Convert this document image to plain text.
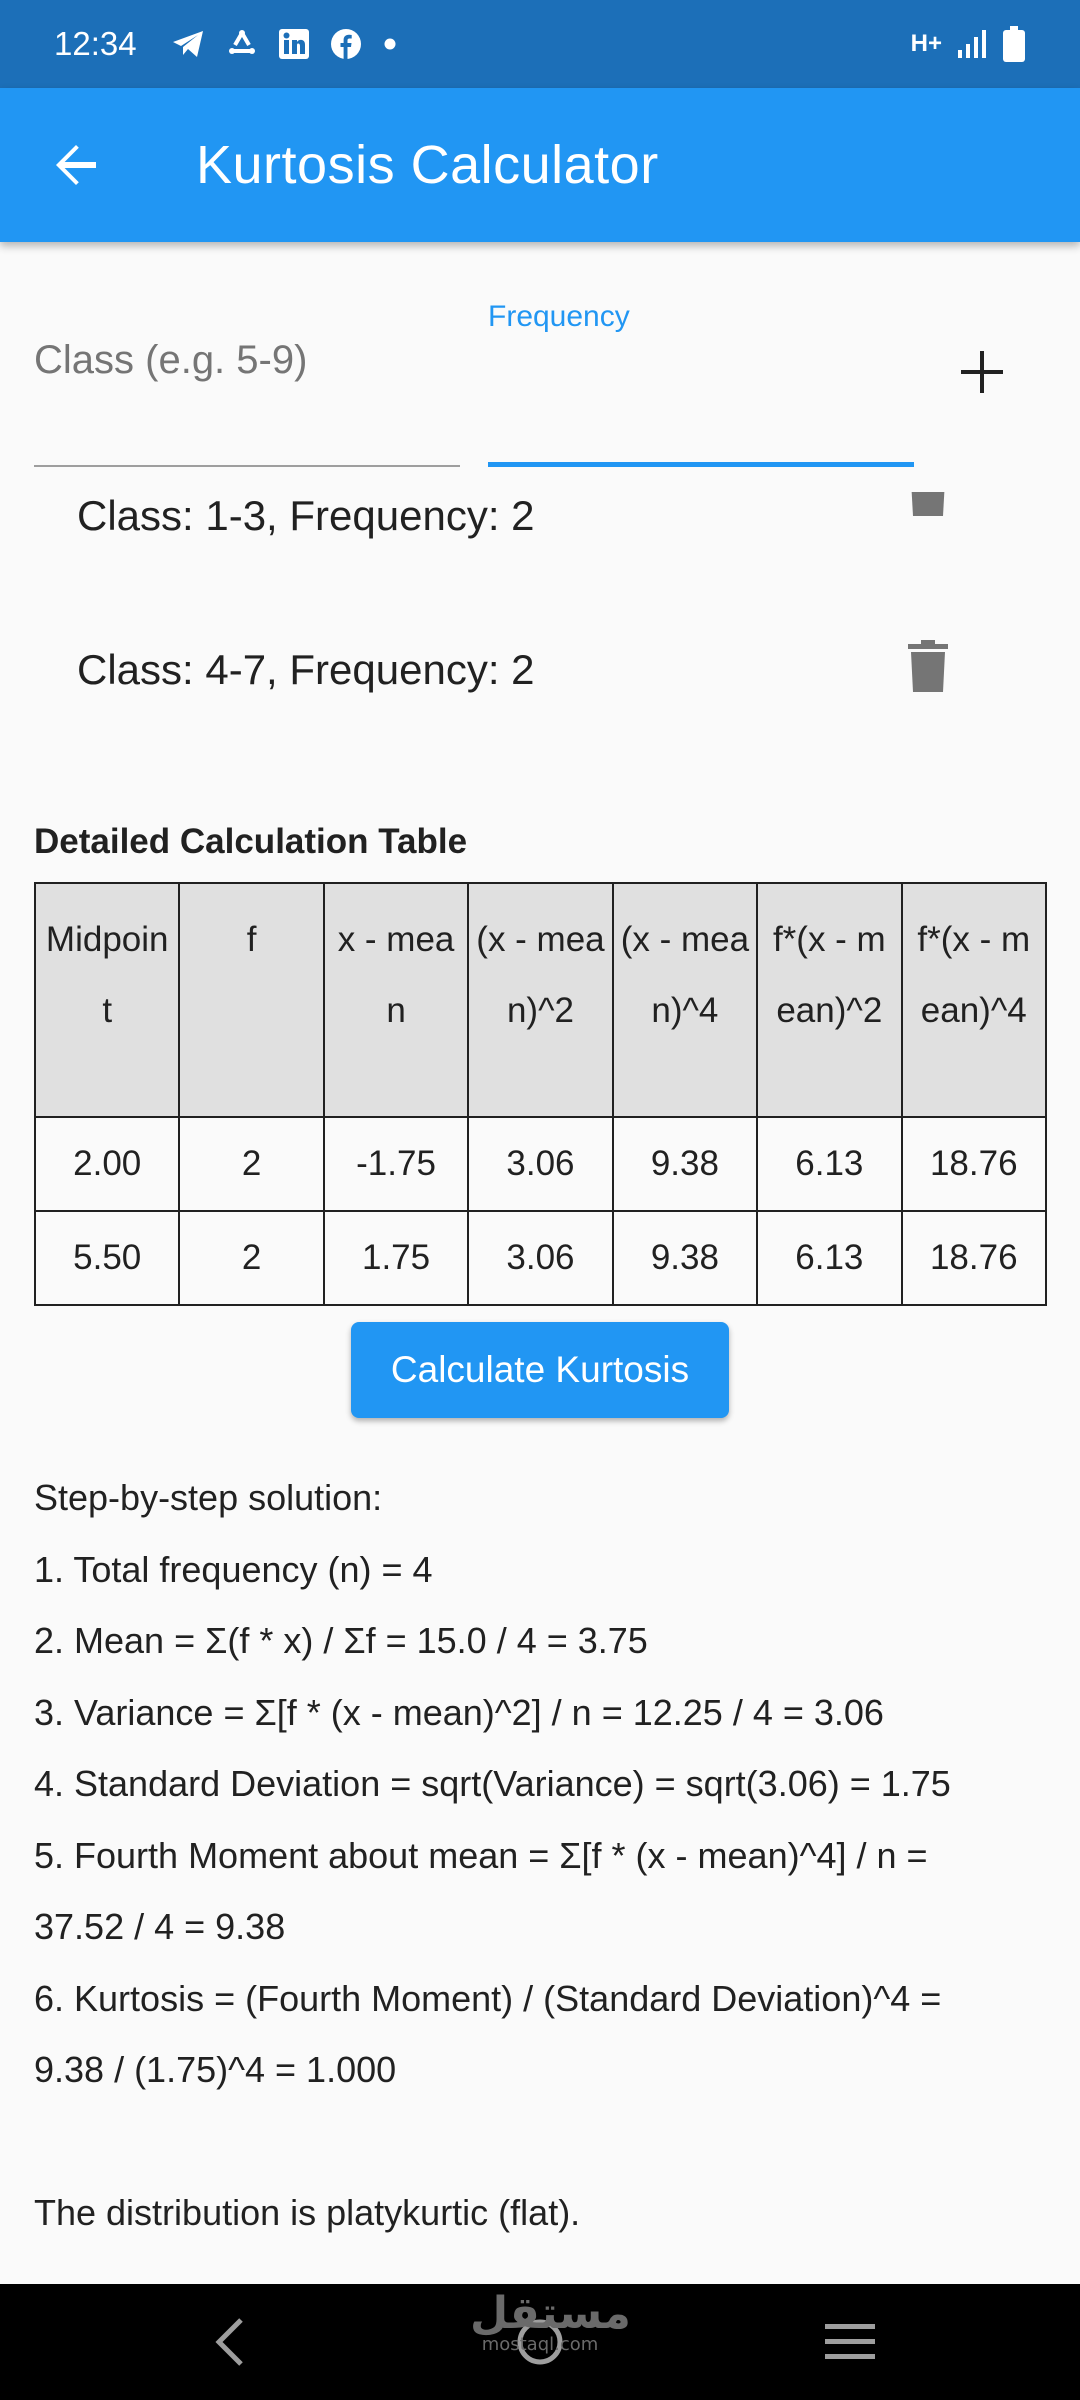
12:34	H+
Kurtosis Calculator
Class (e.g. 5-9)
Frequency
Class: 1-3, Frequency: 2
Class: 4-7, Frequency: 2
Detailed Calculation Table
Midpoint	f	x - mean	(x - mean)^2	(x - mean)^4	f*(x - mean)^2	f*(x - mean)^4
2.00	2	-1.75	3.06	9.38	6.13	18.76
5.50	2	1.75	3.06	9.38	6.13	18.76
Calculate Kurtosis

Step-by-step solution:

1. Total frequency (n) = 4

2. Mean = Σ(f * x) / Σf = 15.0 / 4 = 3.75

3. Variance = Σ[f * (x - mean)^2] / n = 12.25 / 4 = 3.06

4. Standard Deviation = sqrt(Variance) = sqrt(3.06) = 1.75

5. Fourth Moment about mean = Σ[f * (x - mean)^4] / n =

37.52 / 4 = 9.38

6. Kurtosis = (Fourth Moment) / (Standard Deviation)^4 =

9.38 / (1.75)^4 = 1.000

The distribution is platykurtic (flat).

مستقل
mostaql.com
